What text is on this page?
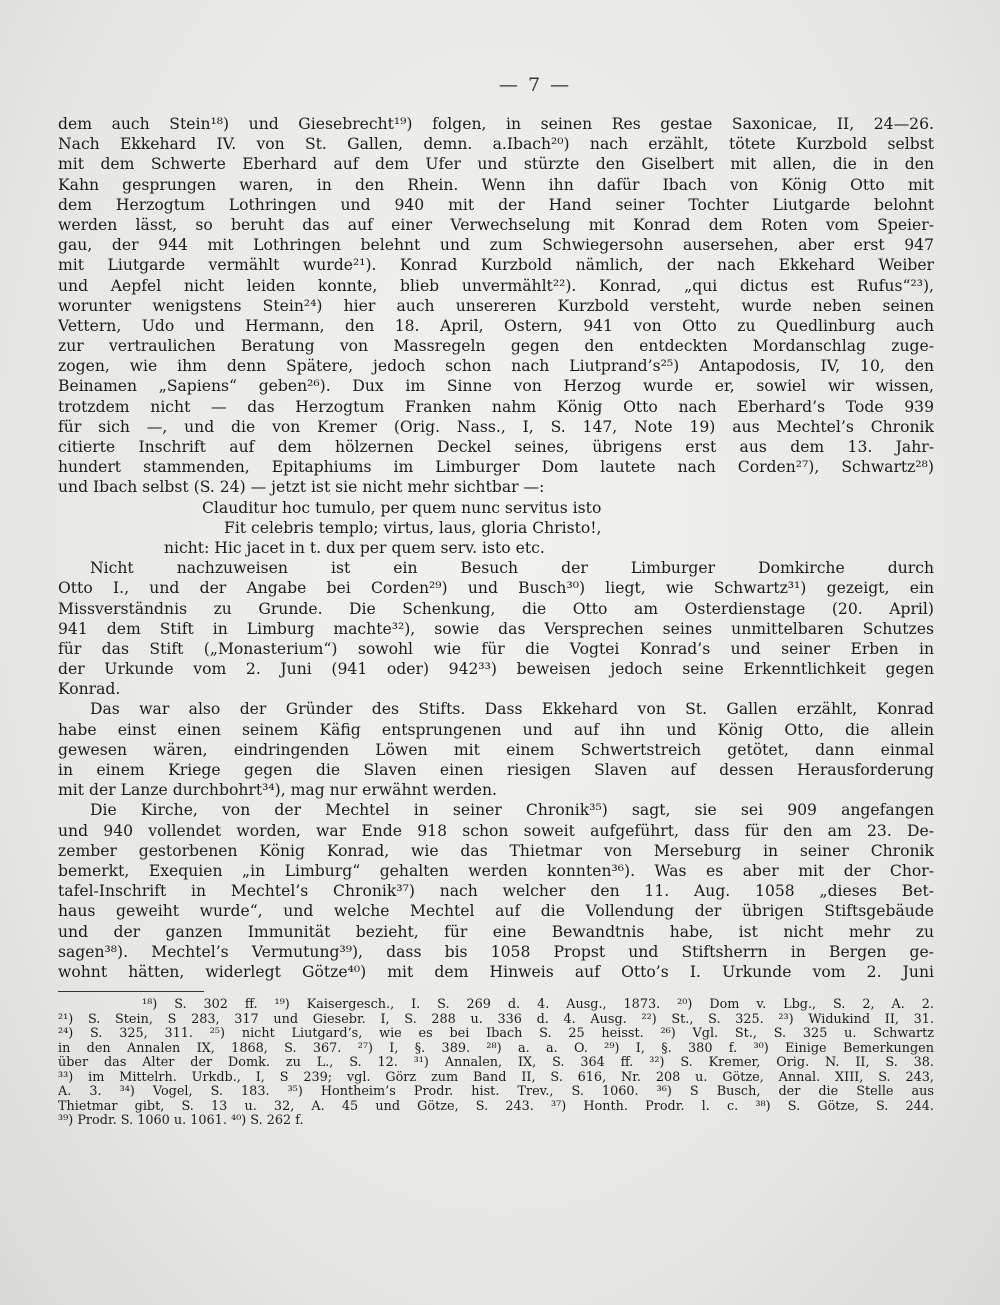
— 7 —
dem auch Stein¹⁸) und Giesebrecht¹⁹) folgen, in seinen Res gestae Saxonicae, II, 24—26.
Nach Ekkehard IV. von St. Gallen, demn. a.Ibach²⁰) nach erzählt, tötete Kurzbold selbst
mit dem Schwerte Eberhard auf dem Ufer und stürzte den Giselbert mit allen, die in den
Kahn gesprungen waren, in den Rhein. Wenn ihn dafür Ibach von König Otto mit
dem Herzogtum Lothringen und 940 mit der Hand seiner Tochter Liutgarde belohnt
werden lässt, so beruht das auf einer Verwechselung mit Konrad dem Roten vom Speier-
gau, der 944 mit Lothringen belehnt und zum Schwiegersohn ausersehen, aber erst 947
mit Liutgarde vermählt wurde²¹). Konrad Kurzbold nämlich, der nach Ekkehard Weiber
und Aepfel nicht leiden konnte, blieb unvermählt²²). Konrad, „qui dictus est Rufus“²³),
worunter wenigstens Stein²⁴) hier auch unsereren Kurzbold versteht, wurde neben seinen
Vettern, Udo und Hermann, den 18. April, Ostern, 941 von Otto zu Quedlinburg auch
zur vertraulichen Beratung von Massregeln gegen den entdeckten Mordanschlag zuge-
zogen, wie ihm denn Spätere, jedoch schon nach Liutprand’s²⁵) Antapodosis, IV, 10, den
Beinamen „Sapiens“ geben²⁶). Dux im Sinne von Herzog wurde er, sowiel wir wissen,
trotzdem nicht — das Herzogtum Franken nahm König Otto nach Eberhard’s Tode 939
für sich —, und die von Kremer (Orig. Nass., I, S. 147, Note 19) aus Mechtel’s Chronik
citierte Inschrift auf dem hölzernen Deckel seines, übrigens erst aus dem 13. Jahr-
hundert stammenden, Epitaphiums im Limburger Dom lautete nach Corden²⁷), Schwartz²⁸)
und Ibach selbst (S. 24) — jetzt ist sie nicht mehr sichtbar —:
Clauditur hoc tumulo, per quem nunc servitus isto
Fit celebris templo; virtus, laus, gloria Christo!,
nicht: Hic jacet in t. dux per quem serv. isto etc.
Nicht nachzuweisen ist ein Besuch der Limburger Domkirche durch
Otto I., und der Angabe bei Corden²⁹) und Busch³⁰) liegt, wie Schwartz³¹) gezeigt, ein
Missverständnis zu Grunde. Die Schenkung, die Otto am Osterdienstage (20. April)
941 dem Stift in Limburg machte³²), sowie das Versprechen seines unmittelbaren Schutzes
für das Stift („Monasterium“) sowohl wie für die Vogtei Konrad’s und seiner Erben in
der Urkunde vom 2. Juni (941 oder) 942³³) beweisen jedoch seine Erkenntlichkeit gegen
Konrad.
Das war also der Gründer des Stifts. Dass Ekkehard von St. Gallen erzählt, Konrad
habe einst einen seinem Käfig entsprungenen und auf ihn und König Otto, die allein
gewesen wären, eindringenden Löwen mit einem Schwertstreich getötet, dann einmal
in einem Kriege gegen die Slaven einen riesigen Slaven auf dessen Herausforderung
mit der Lanze durchbohrt³⁴), mag nur erwähnt werden.
Die Kirche, von der Mechtel in seiner Chronik³⁵) sagt, sie sei 909 angefangen
und 940 vollendet worden, war Ende 918 schon soweit aufgeführt, dass für den am 23. De-
zember gestorbenen König Konrad, wie das Thietmar von Merseburg in seiner Chronik
bemerkt, Exequien „in Limburg“ gehalten werden konnten³⁶). Was es aber mit der Chor-
tafel-Inschrift in Mechtel’s Chronik³⁷) nach welcher den 11. Aug. 1058 „dieses Bet-
haus geweiht wurde“, und welche Mechtel auf die Vollendung der übrigen Stiftsgebäude
und der ganzen Immunität bezieht, für eine Bewandtnis habe, ist nicht mehr zu
sagen³⁸). Mechtel’s Vermutung³⁹), dass bis 1058 Propst und Stiftsherrn in Bergen ge-
wohnt hätten, widerlegt Götze⁴⁰) mit dem Hinweis auf Otto’s I. Urkunde vom 2. Juni
¹⁸) S. 302 ff. ¹⁹) Kaisergesch., I. S. 269 d. 4. Ausg., 1873. ²⁰) Dom v. Lbg., S. 2, A. 2.
²¹) S. Stein, S 283, 317 und Giesebr. I, S. 288 u. 336 d. 4. Ausg. ²²) St., S. 325. ²³) Widukind II, 31.
²⁴) S. 325, 311. ²⁵) nicht Liutgard’s, wie es bei Ibach S. 25 heisst. ²⁶) Vgl. St., S. 325 u. Schwartz
in den Annalen IX, 1868, S. 367. ²⁷) I, §. 389. ²⁸) a. a. O. ²⁹) I, §. 380 f. ³⁰) Einige Bemerkungen
über das Alter der Domk. zu L., S. 12. ³¹) Annalen, IX, S. 364 ff. ³²) S. Kremer, Orig. N. II, S. 38.
³³) im Mittelrh. Urkdb., I, S 239; vgl. Görz zum Band II, S. 616, Nr. 208 u. Götze, Annal. XIII, S. 243,
A. 3. ³⁴) Vogel, S. 183. ³⁵) Hontheim’s Prodr. hist. Trev., S. 1060. ³⁶) S Busch, der die Stelle aus
Thietmar gibt, S. 13 u. 32, A. 45 und Götze, S. 243. ³⁷) Honth. Prodr. l. c. ³⁸) S. Götze, S. 244.
³⁹) Prodr. S. 1060 u. 1061. ⁴⁰) S. 262 f.
